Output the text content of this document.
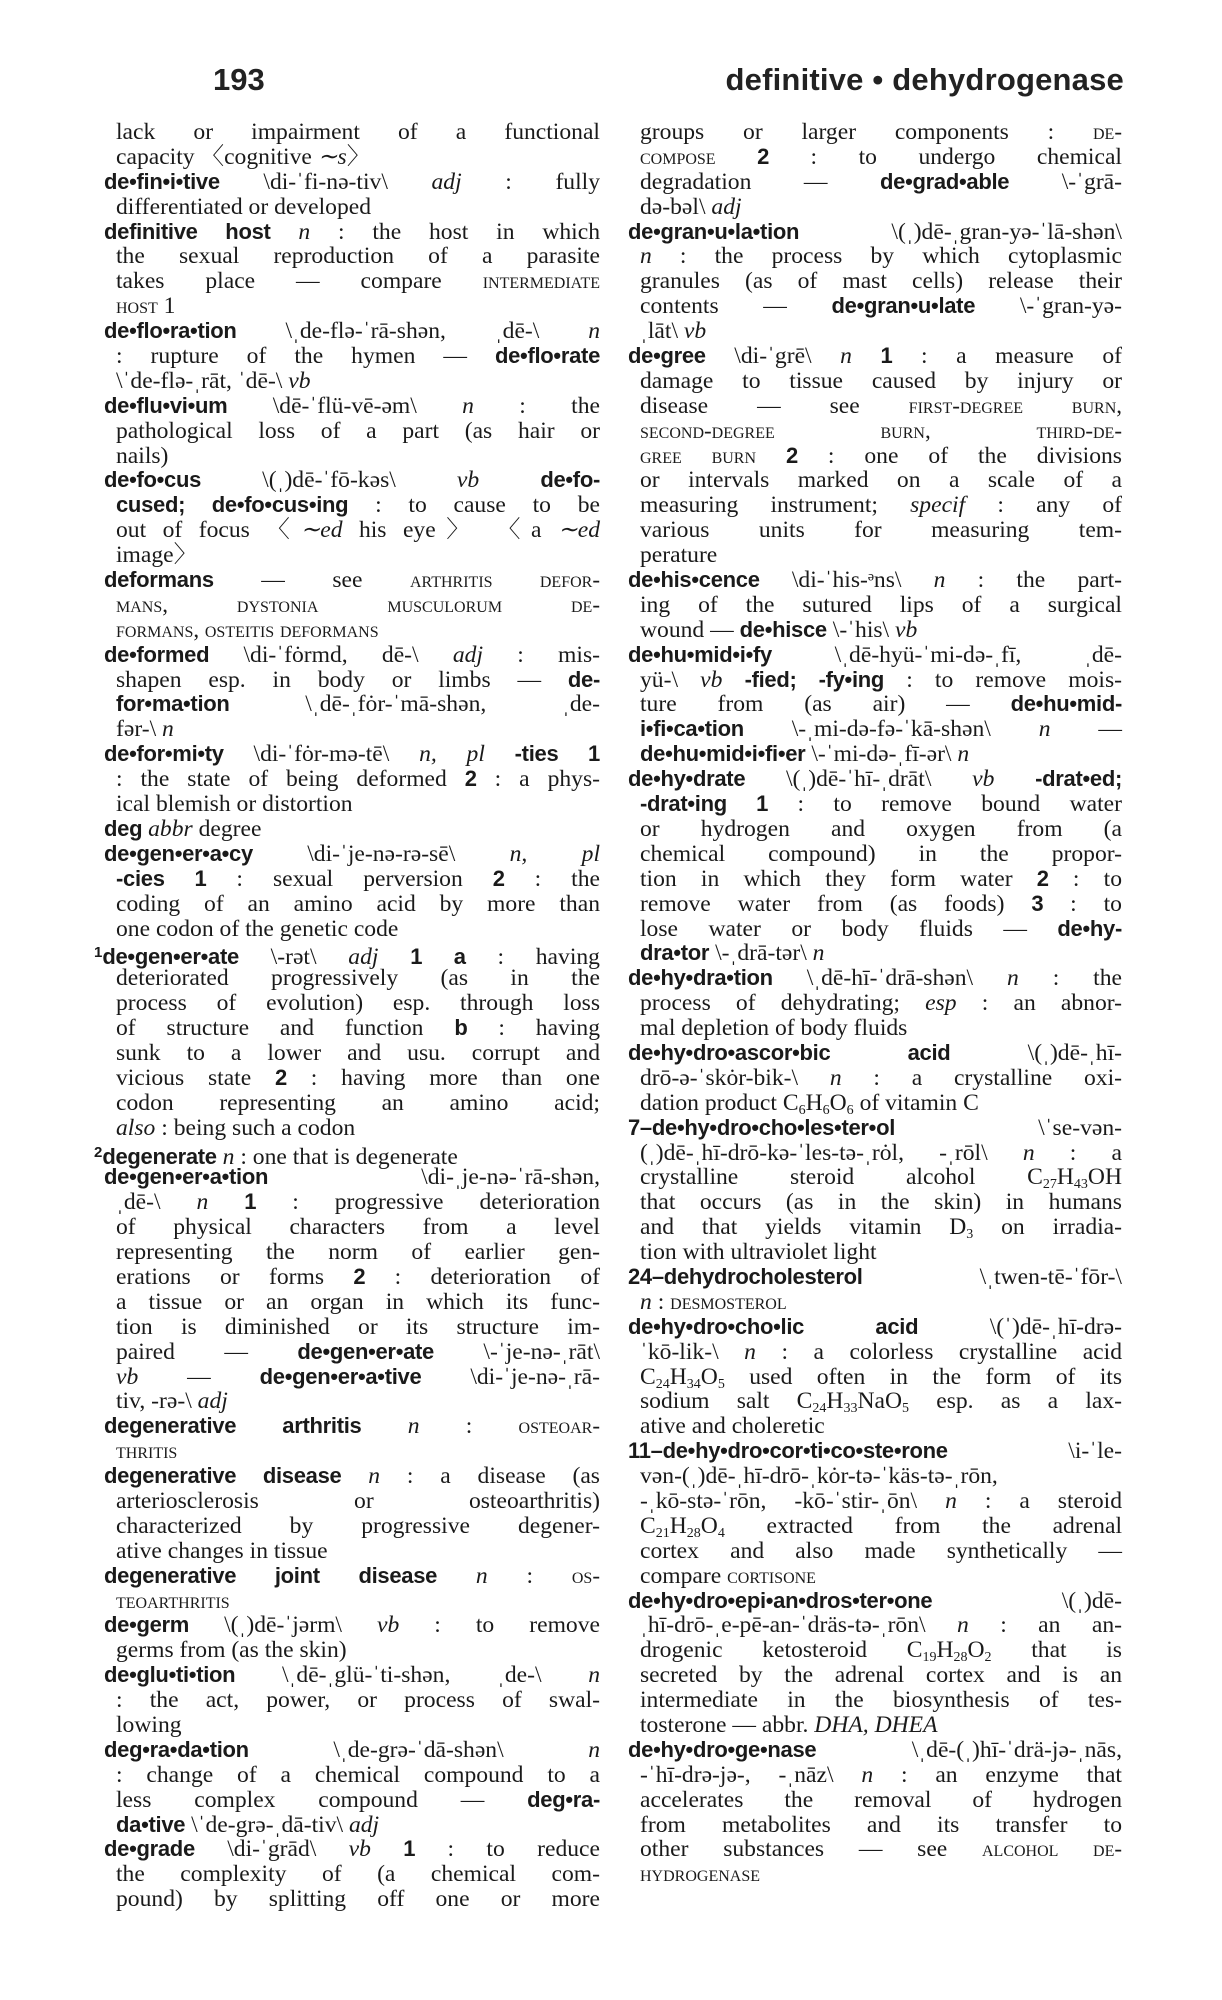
193	definitive • dehydrogenase
lack or impairment of a functional
capacity 〈cognitive ∼s〉
de•fin•i•tive \di-ˈfi-nə-tiv\ adj : fully
differentiated or developed
definitive host n : the host in which
the sexual reproduction of a parasite
takes place — compare intermediate
host 1
de•flo•ra•tion \ˌde-flə-ˈrā-shən, ˌdē-\ n
: rupture of the hymen — de•flo•rate
\ˈde-flə-ˌrāt, ˈdē-\ vb
de•flu•vi•um \dē-ˈflü-vē-əm\ n : the
pathological loss of a part (as hair or
nails)
de•fo•cus \(ˌ)dē-ˈfō-kəs\ vb	de•fo-
cused; de•fo•cus•ing : to cause to be
out of focus 〈∼ed his eye〉 〈a ∼ed
image〉
deformans — see arthritis defor-
mans, dystonia musculorum de-
formans, osteitis deformans
de•formed \di-ˈfȯrmd, dē-\ adj : mis-
shapen esp. in body or limbs — de-
for•ma•tion \ˌdē-ˌfȯr-ˈmā-shən, ˌde-
fər-\ n
de•for•mi•ty \di-ˈfȯr-mə-tē\ n, pl -ties 1
: the state of being deformed 2 : a phys-
ical blemish or distortion
deg abbr degree
de•gen•er•a•cy \di-ˈje-nə-rə-sē\ n, pl
-cies 1 : sexual perversion 2 : the
coding of an amino acid by more than
one codon of the genetic code
$^1$de•gen•er•ate \-rət\ adj 1 a : having
deteriorated progressively (as in the
process of evolution) esp. through loss
of structure and function b : having
sunk to a lower and usu. corrupt and
vicious state 2 : having more than one
codon representing an amino acid;
also : being such a codon
$^2$degenerate n : one that is degenerate
de•gen•er•a•tion \di-ˌje-nə-ˈrā-shən,
ˌdē-\ n 1 : progressive deterioration
of physical characters from a level
representing the norm of earlier gen-
erations or forms 2 : deterioration of
a tissue or an organ in which its func-
tion is diminished or its structure im-
paired — de•gen•er•ate \-ˈje-nə-ˌrāt\
vb — de•gen•er•a•tive \di-ˈje-nə-ˌrā-
tiv, -rə-\ adj
degenerative arthritis n : osteoar-
thritis
degenerative disease n : a disease (as
arteriosclerosis or osteoarthritis)
characterized by progressive degener-
ative changes in tissue
degenerative joint disease n : os-
teoarthritis
de•germ \(ˌ)dē-ˈjərm\ vb : to remove
germs from (as the skin)
de•glu•ti•tion \ˌdē-ˌglü-ˈti-shən, ˌde-\ n
: the act, power, or process of swal-
lowing
deg•ra•da•tion \ˌde-grə-ˈdā-shən\ n
: change of a chemical compound to a
less complex compound — deg•ra-
da•tive \ˈde-grə-ˌdā-tiv\ adj
de•grade \di-ˈgrād\ vb 1 : to reduce
the complexity of (a chemical com-
pound) by splitting off one or more
groups or larger components : de-
compose 2 : to undergo chemical
degradation — de•grad•able \-ˈgrā-
də-bəl\ adj
de•gran•u•la•tion \(ˌ)dē-ˌgran-yə-ˈlā-shən\
n : the process by which cytoplasmic
granules (as of mast cells) release their
contents — de•gran•u•late \-ˈgran-yə-
ˌlāt\ vb
de•gree \di-ˈgrē\ n 1 : a measure of
damage to tissue caused by injury or
disease — see first-degree burn,
second-degree burn, third-de-
gree burn 2 : one of the divisions
or intervals marked on a scale of a
measuring instrument; specif : any of
various units for measuring tem-
perature
de•his•cence \di-ˈhis-ᵊns\ n : the part-
ing of the sutured lips of a surgical
wound — de•hisce \-ˈhis\ vb
de•hu•mid•i•fy \ˌdē-hyü-ˈmi-də-ˌfī, ˌdē-
yü-\ vb -fied; -fy•ing : to remove mois-
ture from (as air) — de•hu•mid-
i•fi•ca•tion \-ˌmi-də-fə-ˈkā-shən\ n —
de•hu•mid•i•fi•er \-ˈmi-də-ˌfī-ər\ n
de•hy•drate \(ˌ)dē-ˈhī-ˌdrāt\ vb -drat•ed;
-drat•ing 1 : to remove bound water
or hydrogen and oxygen from (a
chemical compound) in the propor-
tion in which they form water 2 : to
remove water from (as foods) 3 : to
lose water or body fluids — de•hy-
dra•tor \-ˌdrā-tər\ n
de•hy•dra•tion \ˌdē-hī-ˈdrā-shən\ n : the
process of dehydrating; esp : an abnor-
mal depletion of body fluids
de•hy•dro•ascor•bic acid \(ˌ)dē-ˌhī-
drō-ə-ˈskȯr-bik-\ n : a crystalline oxi-
dation product $C_6H_6O_6$ of vitamin C
7–de•hy•dro•cho•les•ter•ol \ˈse-vən-
(ˌ)dē-ˌhī-drō-kə-ˈles-tə-ˌrȯl, -ˌrōl\ n : a
crystalline steroid alcohol $C_{27}H_{43}OH$
that occurs (as in the skin) in humans
and that yields vitamin $D_3$ on irradia-
tion with ultraviolet light
24–dehydrocholesterol \ˌtwen-tē-ˈfōr-\
n : desmosterol
de•hy•dro•cho•lic acid \(ˈ)dē-ˌhī-drə-
ˈkō-lik-\ n : a colorless crystalline acid
$C_{24}H_{34}O_5$ used often in the form of its
sodium salt $C_{24}H_{33}NaO_5$ esp. as a lax-
ative and choleretic
11–de•hy•dro•cor•ti•co•ste•rone \i-ˈle-
vən-(ˌ)dē-ˌhī-drō-ˌkȯr-tə-ˈkäs-tə-ˌrōn,
-ˌkō-stə-ˈrōn, -kō-ˈstir-ˌōn\ n : a steroid
$C_{21}H_{28}O_4$ extracted from the adrenal
cortex and also made synthetically —
compare cortisone
de•hy•dro•epi•an•dros•ter•one \(ˌ)dē-
ˌhī-drō-ˌe-pē-an-ˈdräs-tə-ˌrōn\ n : an an-
drogenic ketosteroid $C_{19}H_{28}O_2$ that is
secreted by the adrenal cortex and is an
intermediate in the biosynthesis of tes-
tosterone — abbr. DHA, DHEA
de•hy•dro•ge•nase \ˌdē-(ˌ)hī-ˈdrä-jə-ˌnās,
-ˈhī-drə-jə-, -ˌnāz\ n : an enzyme that
accelerates the removal of hydrogen
from metabolites and its transfer to
other substances — see alcohol de-
hydrogenase
